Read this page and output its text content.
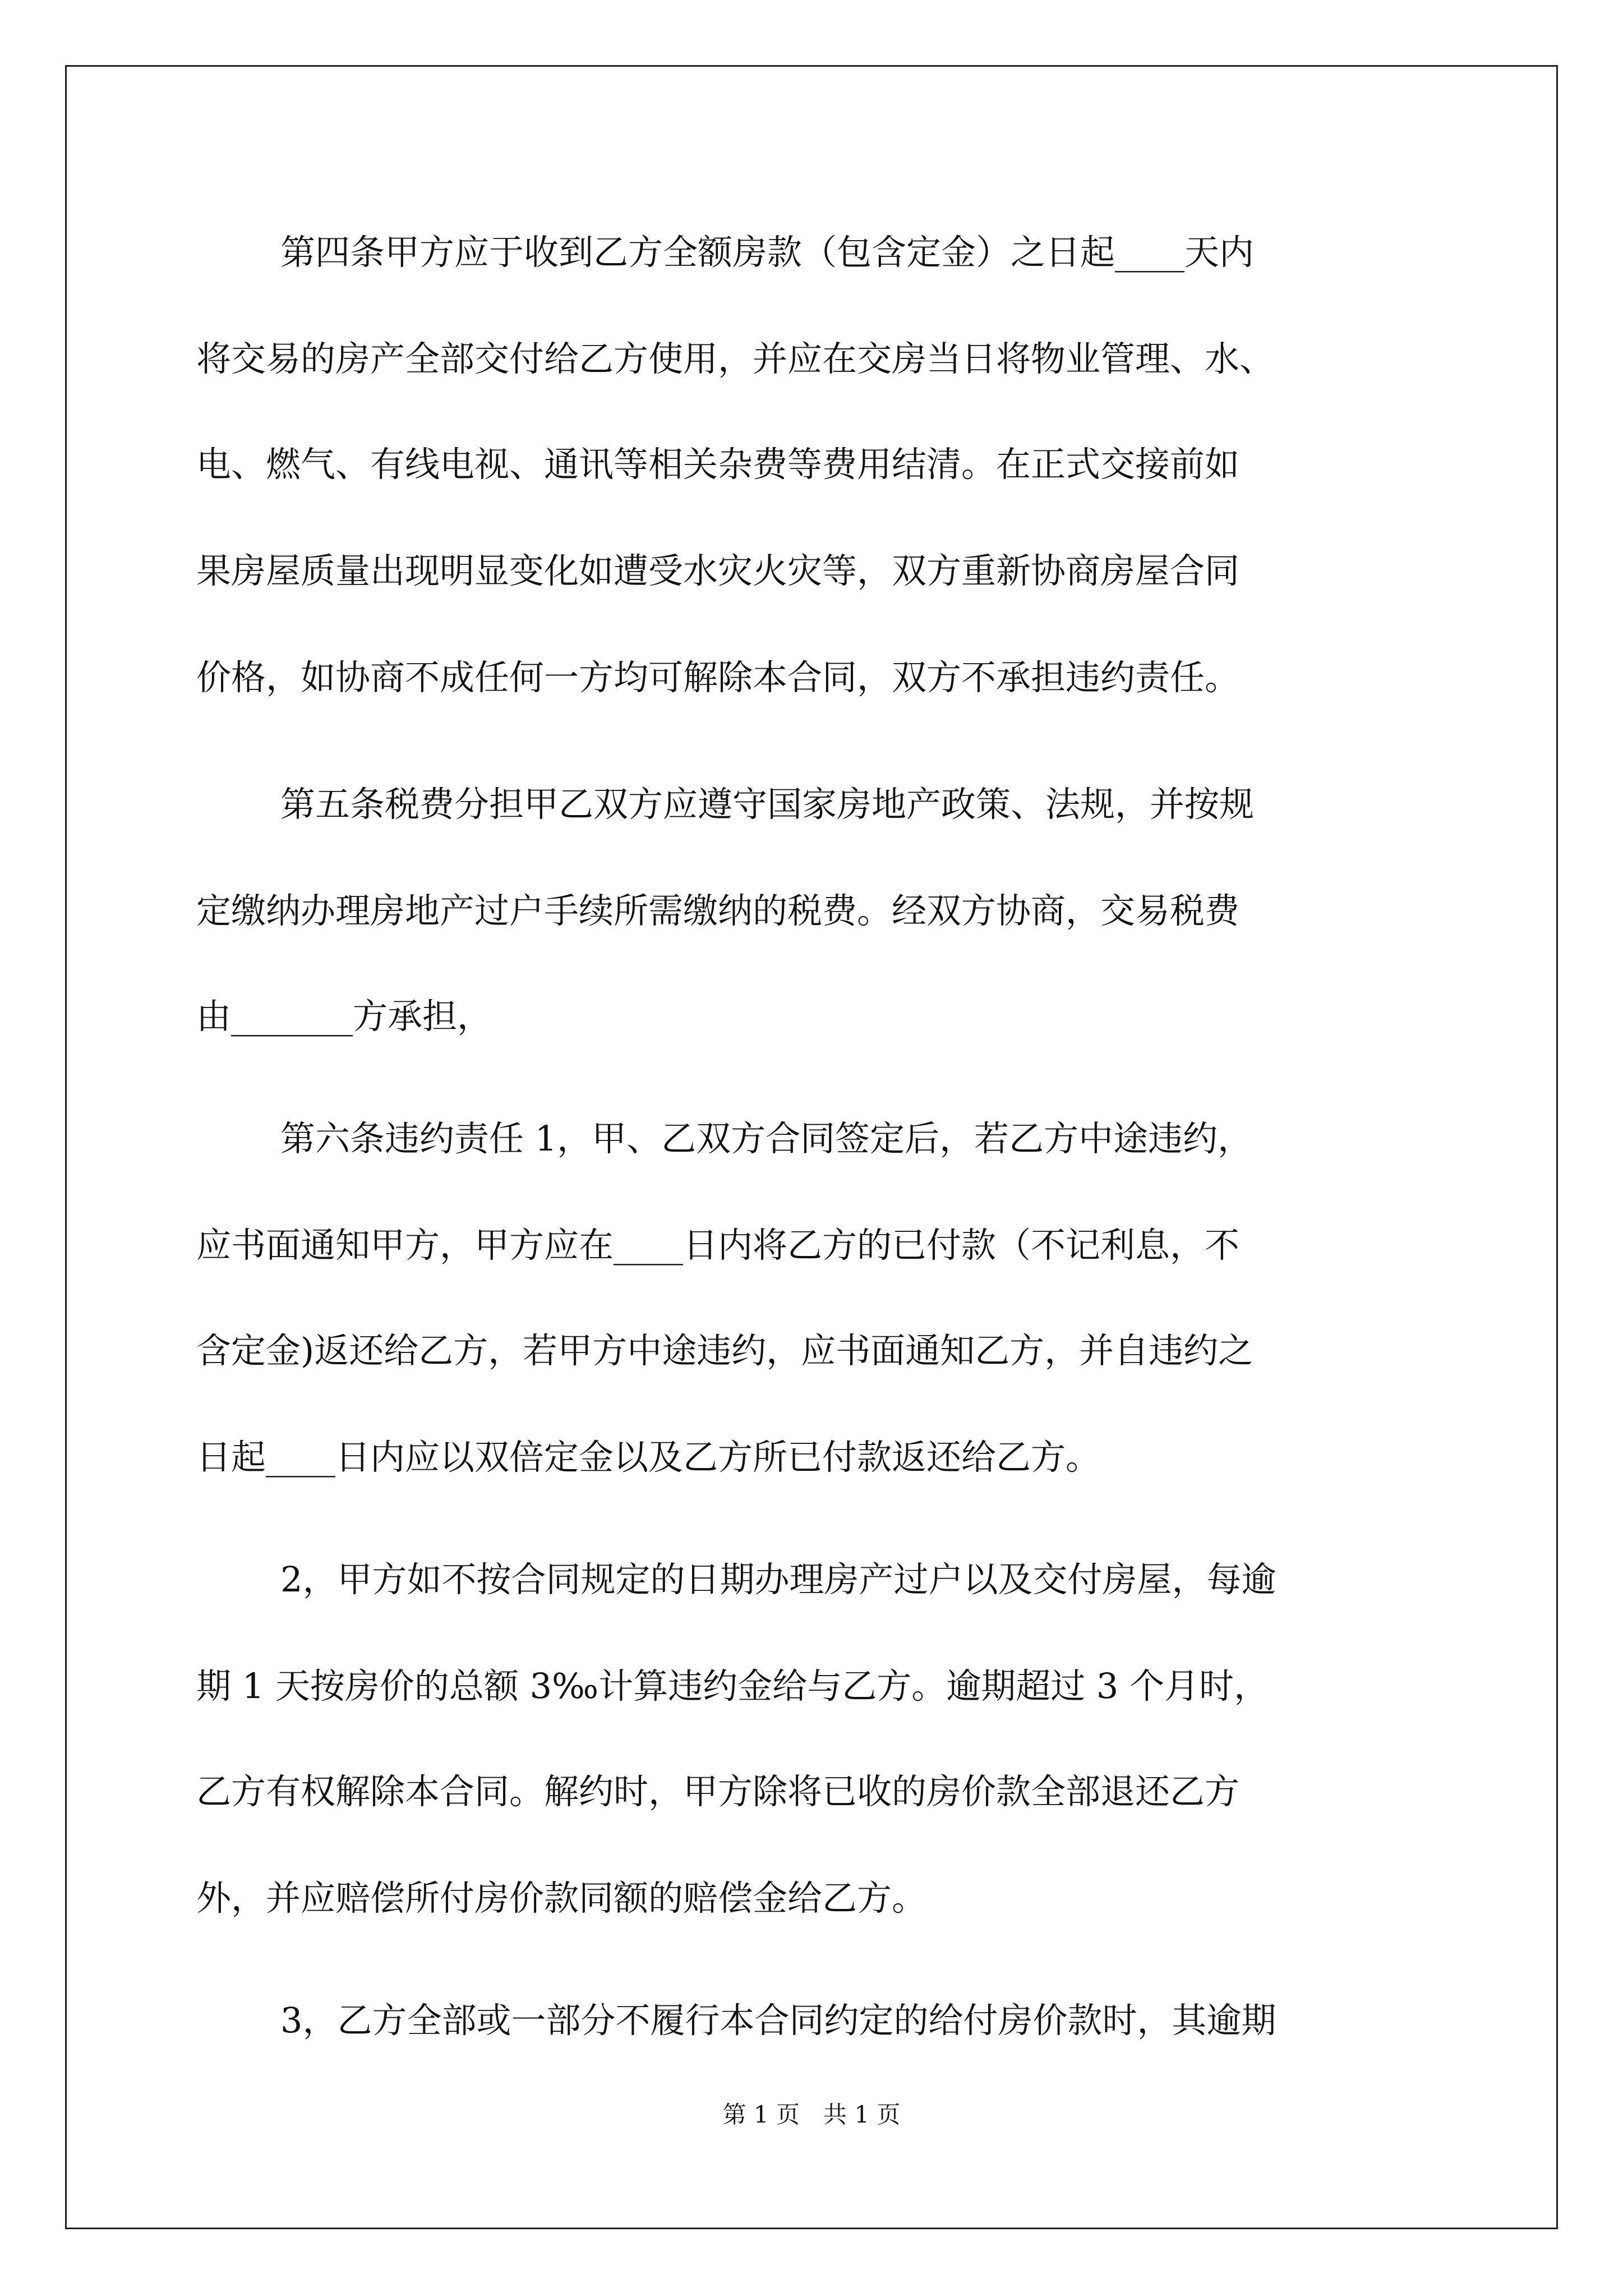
第四条甲方应于收到乙方全额房款（包含定金）之日起____天内

将交易的房产全部交付给乙方使用，并应在交房当日将物业管理、水、

电、燃气、有线电视、通讯等相关杂费等费用结清。在正式交接前如

果房屋质量出现明显变化如遭受水灾火灾等，双方重新协商房屋合同

价格，如协商不成任何一方均可解除本合同，双方不承担违约责任。

第五条税费分担甲乙双方应遵守国家房地产政策、法规，并按规

定缴纳办理房地产过户手续所需缴纳的税费。经双方协商，交易税费

由_______方承担，

第六条违约责任 1，甲、乙双方合同签定后，若乙方中途违约，

应书面通知甲方，甲方应在____日内将乙方的已付款（不记利息，不

含定金)返还给乙方，若甲方中途违约，应书面通知乙方，并自违约之

日起____日内应以双倍定金以及乙方所已付款返还给乙方。

2，甲方如不按合同规定的日期办理房产过户以及交付房屋，每逾

期 1 天按房价的总额 3‰计算违约金给与乙方。逾期超过 3 个月时，

乙方有权解除本合同。解约时，甲方除将已收的房价款全部退还乙方

外，并应赔偿所付房价款同额的赔偿金给乙方。

3，乙方全部或一部分不履行本合同约定的给付房价款时，其逾期

第 1 页　共 1 页
